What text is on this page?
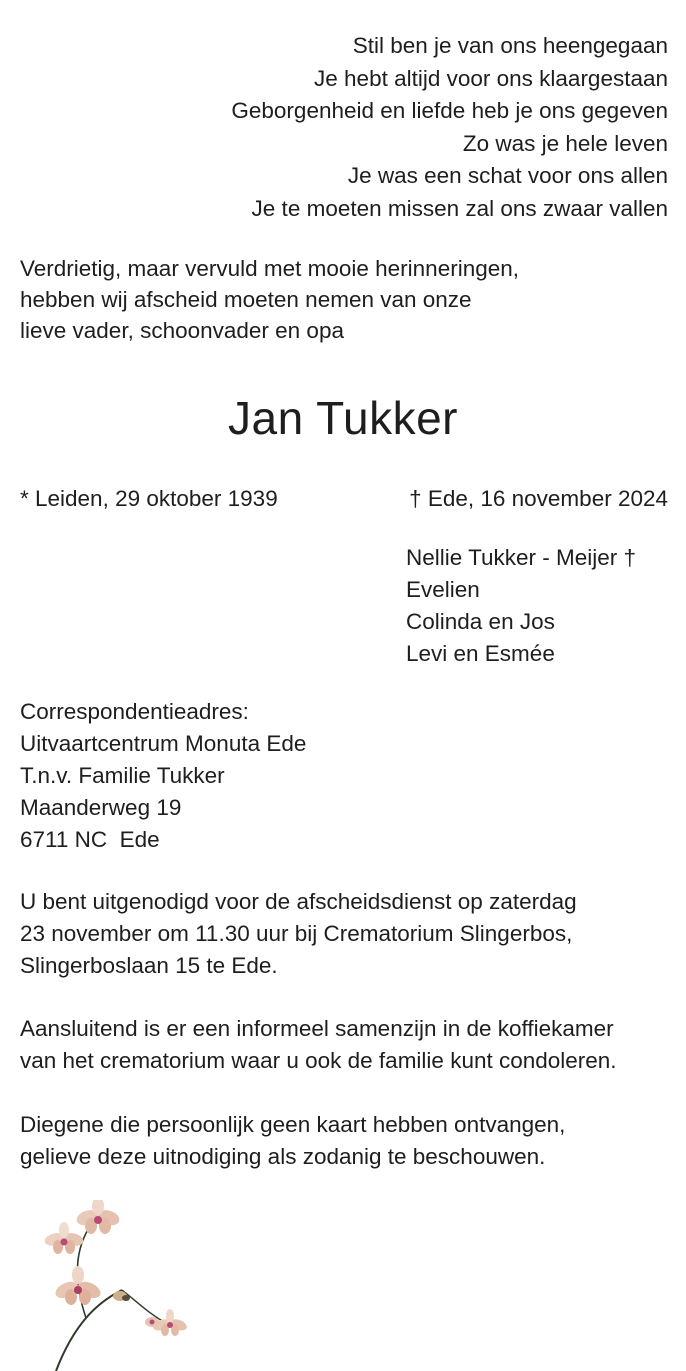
Stil ben je van ons heengegaan
Je hebt altijd voor ons klaargestaan
Geborgenheid en liefde heb je ons gegeven
Zo was je hele leven
Je was een schat voor ons allen
Je te moeten missen zal ons zwaar vallen
Verdrietig, maar vervuld met mooie herinneringen,
hebben wij afscheid moeten nemen van onze
lieve vader, schoonvader en opa
Jan Tukker
* Leiden, 29 oktober 1939	† Ede, 16 november 2024
Nellie Tukker - Meijer †
Evelien
Colinda en Jos
Levi en Esmée
Correspondentieadres:
Uitvaartcentrum Monuta Ede
T.n.v. Familie Tukker
Maanderweg 19
6711 NC  Ede
U bent uitgenodigd voor de afscheidsdienst op zaterdag
23 november om 11.30 uur bij Crematorium Slingerbos,
Slingerboslaan 15 te Ede.
Aansluitend is er een informeel samenzijn in de koffiekamer
van het crematorium waar u ook de familie kunt condoleren.
Diegene die persoonlijk geen kaart hebben ontvangen,
gelieve deze uitnodiging als zodanig te beschouwen.
